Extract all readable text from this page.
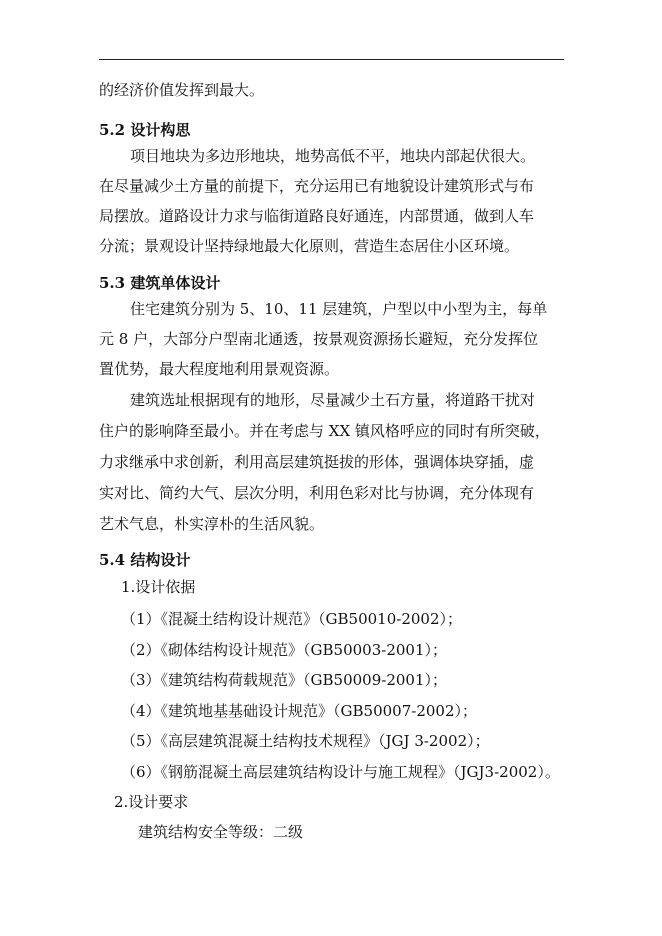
的经济价值发挥到最大。
5.2 设计构思
项目地块为多边形地块，地势高低不平，地块内部起伏很大。
在尽量减少土方量的前提下，充分运用已有地貌设计建筑形式与布
局摆放。道路设计力求与临街道路良好通连，内部贯通，做到人车
分流；景观设计坚持绿地最大化原则，营造生态居住小区环境。
5.3 建筑单体设计
住宅建筑分别为 5、10、11 层建筑，户型以中小型为主，每单
元 8 户，大部分户型南北通透，按景观资源扬长避短，充分发挥位
置优势，最大程度地利用景观资源。
建筑选址根据现有的地形，尽量减少土石方量，将道路干扰对
住户的影响降至最小。并在考虑与 XX 镇风格呼应的同时有所突破，
力求继承中求创新，利用高层建筑挺拔的形体，强调体块穿插，虚
实对比、简约大气、层次分明，利用色彩对比与协调，充分体现有
艺术气息，朴实淳朴的生活风貌。
5.4 结构设计
1.设计依据
（1）《混凝土结构设计规范》（GB50010-2002）；
（2）《砌体结构设计规范》（GB50003-2001）；
（3）《建筑结构荷载规范》（GB50009-2001）；
（4）《建筑地基基础设计规范》（GB50007-2002）；
（5）《高层建筑混凝土结构技术规程》（JGJ 3-2002）；
（6）《钢筋混凝土高层建筑结构设计与施工规程》（JGJ3-2002）。
2.设计要求
建筑结构安全等级：二级
